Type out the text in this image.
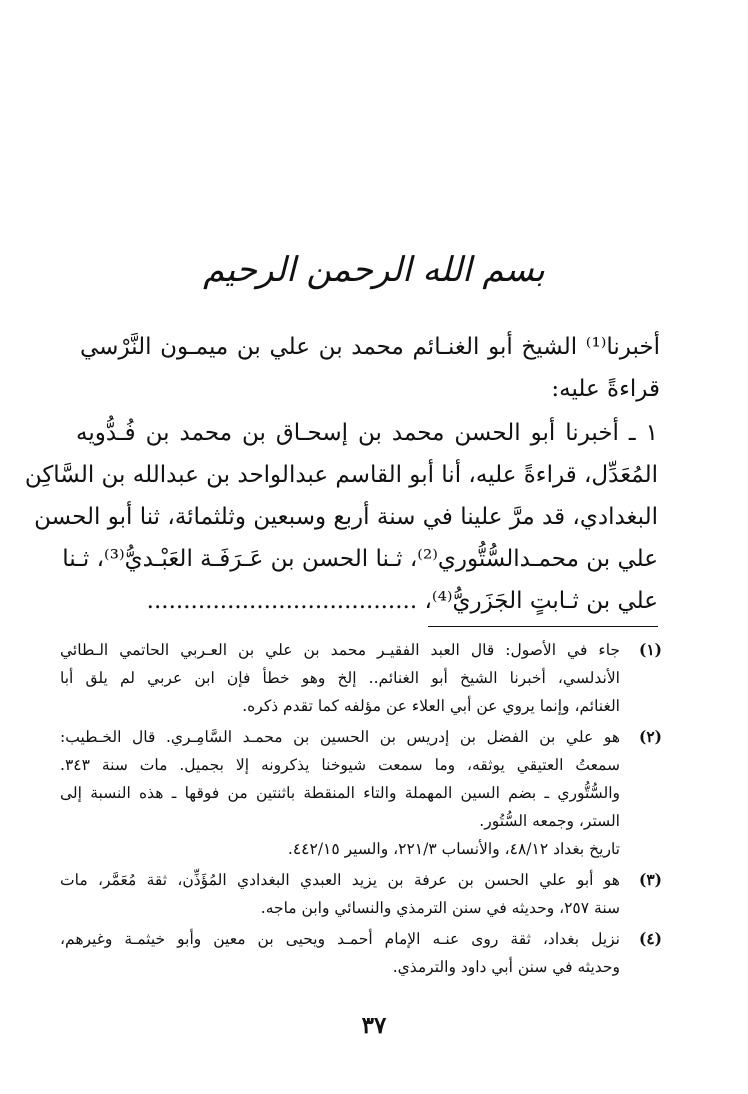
بسم الله الرحمن الرحيم
أخبرنا⁽¹⁾ الشيخ أبو الغنـائم محمد بن علي بن ميمـون النَّرْسي
قراءةً عليه:
١ ـ أخبرنا أبو الحسن محمد بن إسحـاق بن محمد بن فُـدُّويه
المُعَدِّل، قراءةً عليه، أنا أبو القاسم عبدالواحد بن عبدالله بن السَّاكِن
البغدادي، قد مرَّ علينا في سنة أربع وسبعين وثلثمائة، ثنا أبو الحسن
علي بن محمـدالسُّتُّوري⁽²⁾، ثـنا الحسن بن عَـرَفَـة العَبْـديُّ⁽³⁾، ثـنا
علي بن ثـابتٍ الجَزَريُّ⁽⁴⁾، .....................................
(١)
جاء في الأصول: قال العبد الفقيـر محمد بن علي بن العـربي الحاتمي الـطائي
الأندلسي، أخبرنا الشيخ أبو الغنائم.. إلخ وهو خطأ فإن ابن عربي لم يلق أبا
الغنائم، وإنما يروي عن أبي العلاء عن مؤلفه كما تقدم ذكره.
(٢)
هو علي بن الفضل بن إدريس بن الحسين بن محمـد السَّامِـري. قال الخـطيب:
سمعتُ العتيقي يوثقه، وما سمعت شيوخنا يذكرونه إلا بجميل. مات سنة ٣٤٣.
والسُّتُّوري ـ بضم السين المهملة والتاء المنقطة باثنتين من فوقها ـ هذه النسبة إلى
الستر، وجمعه السُّتُور.
تاريخ بغداد ٤٨/١٢، والأنساب ٢٢١/٣، والسير ٤٤٢/١٥.
(٣)
هو أبو علي الحسن بن عرفة بن يزيد العبدي البغدادي المُؤَذِّن، ثقة مُعَمَّر، مات
سنة ٢٥٧، وحديثه في سنن الترمذي والنسائي وابن ماجه.
(٤)
نزيل بغداد، ثقة روى عنـه الإمام أحمـد ويحيى بن معين وأبو خيثمـة وغيرهم،
وحديثه في سنن أبي داود والترمذي.
٣٧
